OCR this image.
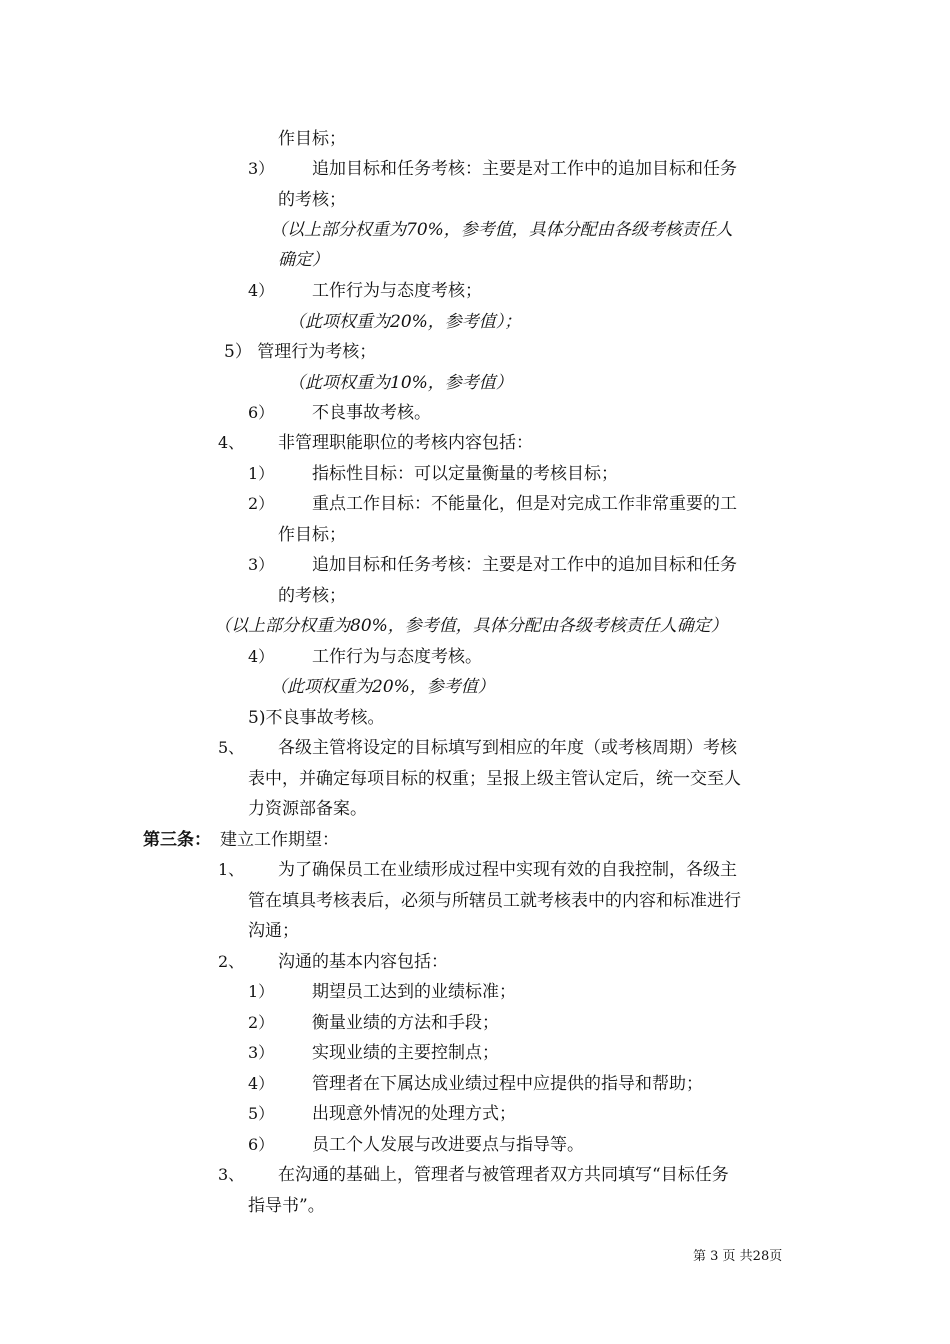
作目标；
3） 追加目标和任务考核：主要是对工作中的追加目标和任务
的考核；
（以上部分权重为70%，参考值，具体分配由各级考核责任人
确定）
4） 工作行为与态度考核；
（此项权重为20%，参考值）；
5） 管理行为考核；
（此项权重为10%，参考值）
6） 不良事故考核。
4、 非管理职能职位的考核内容包括：
1） 指标性目标：可以定量衡量的考核目标；
2） 重点工作目标：不能量化，但是对完成工作非常重要的工
作目标；
3） 追加目标和任务考核：主要是对工作中的追加目标和任务
的考核；
（以上部分权重为80%，参考值，具体分配由各级考核责任人确定）
4） 工作行为与态度考核。
（此项权重为20%，参考值）
5)不良事故考核。
5、 各级主管将设定的目标填写到相应的年度（或考核周期）考核
表中，并确定每项目标的权重；呈报上级主管认定后，统一交至人
力资源部备案。
第三条： 建立工作期望：
1、 为了确保员工在业绩形成过程中实现有效的自我控制，各级主
管在填具考核表后，必须与所辖员工就考核表中的内容和标准进行
沟通；
2、 沟通的基本内容包括：
1） 期望员工达到的业绩标准；
2） 衡量业绩的方法和手段；
3） 实现业绩的主要控制点；
4） 管理者在下属达成业绩过程中应提供的指导和帮助；
5） 出现意外情况的处理方式；
6） 员工个人发展与改进要点与指导等。
3、 在沟通的基础上，管理者与被管理者双方共同填写“目标任务
指导书”。
第 3 页 共28页
